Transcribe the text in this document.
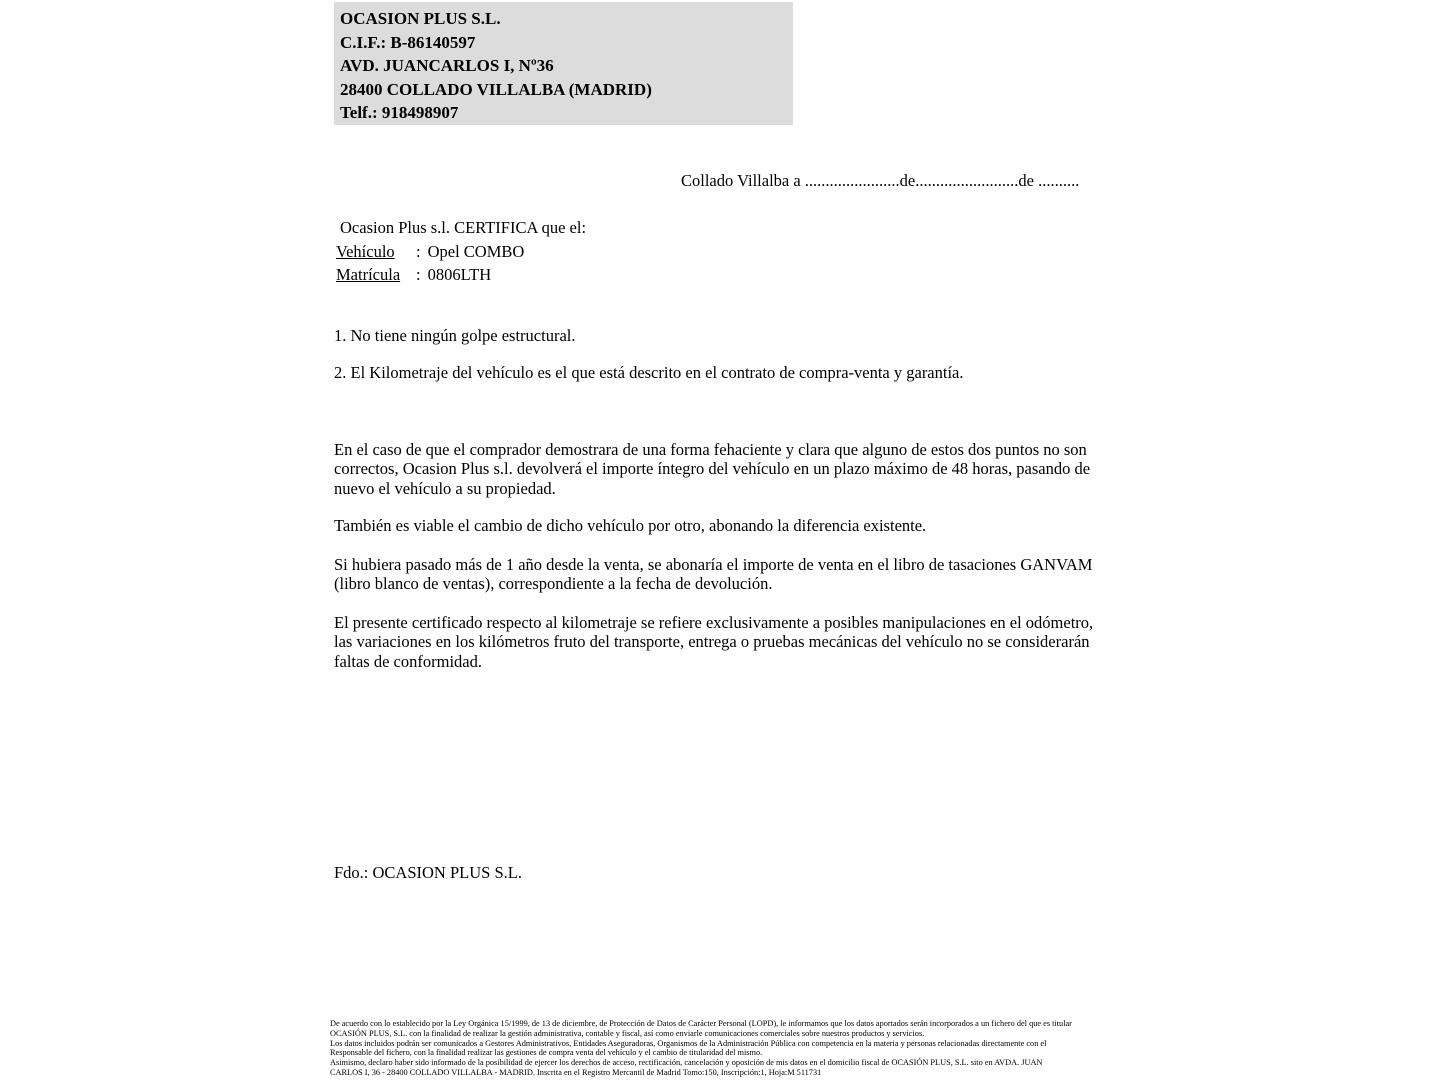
OCASION PLUS S.L.
C.I.F.: B-86140597
AVD. JUANCARLOS I, Nº36
28400 COLLADO VILLALBA (MADRID)
Telf.: 918498907
Collado Villalba a .......................de.........................de ..........
Ocasion Plus s.l. CERTIFICA que el:
Vehículo : Opel COMBO
Matrícula : 0806LTH
1. No tiene ningún golpe estructural.
2. El Kilometraje del vehículo es el que está descrito en el contrato de compra-venta y garantía.
En el caso de que el comprador demostrara de una forma fehaciente y clara que alguno de estos dos puntos no son correctos, Ocasion Plus s.l. devolverá el importe íntegro del vehículo en un plazo máximo de 48 horas, pasando de nuevo el vehículo a su propiedad.
También es viable el cambio de dicho vehículo por otro, abonando la diferencia existente.
Si hubiera pasado más de 1 año desde la venta, se abonaría el importe de venta en el libro de tasaciones GANVAM (libro blanco de ventas), correspondiente a la fecha de devolución.
El presente certificado respecto al kilometraje se refiere exclusivamente a posibles manipulaciones en el odómetro, las variaciones en los kilómetros fruto del transporte, entrega o pruebas mecánicas del vehículo no se considerarán faltas de conformidad.
Fdo.: OCASION PLUS S.L.
De acuerdo con lo establecido por la Ley Orgánica 15/1999, de 13 de diciembre, de Protección de Datos de Carácter Personal (LOPD), le informamos que los datos aportados serán incorporados a un fichero del que es titular
OCASIÓN PLUS, S.L. con la finalidad de realizar la gestión administrativa, contable y fiscal, así como enviarle comunicaciones comerciales sobre nuestros productos y servicios.
Los datos incluidos podrán ser comunicados a Gestores Administrativos, Entidades Aseguradoras, Organismos de la Administración Pública con competencia en la materia y personas relacionadas directamente con el
Responsable del fichero, con la finalidad realizar las gestiones de compra venta del vehículo y el cambio de titularidad del mismo.
Asimismo, declaro haber sido informado de la posibilidad de ejercer los derechos de acceso, rectificación, cancelación y oposición de mis datos en el domicilio fiscal de OCASIÓN PLUS, S.L. sito en AVDA. JUAN
CARLOS I, 36 - 28400 COLLADO VILLALBA - MADRID. Inscrita en el Registro Mercantil de Madrid Tomo:150, Inscripción:1, Hoja:M 511731
